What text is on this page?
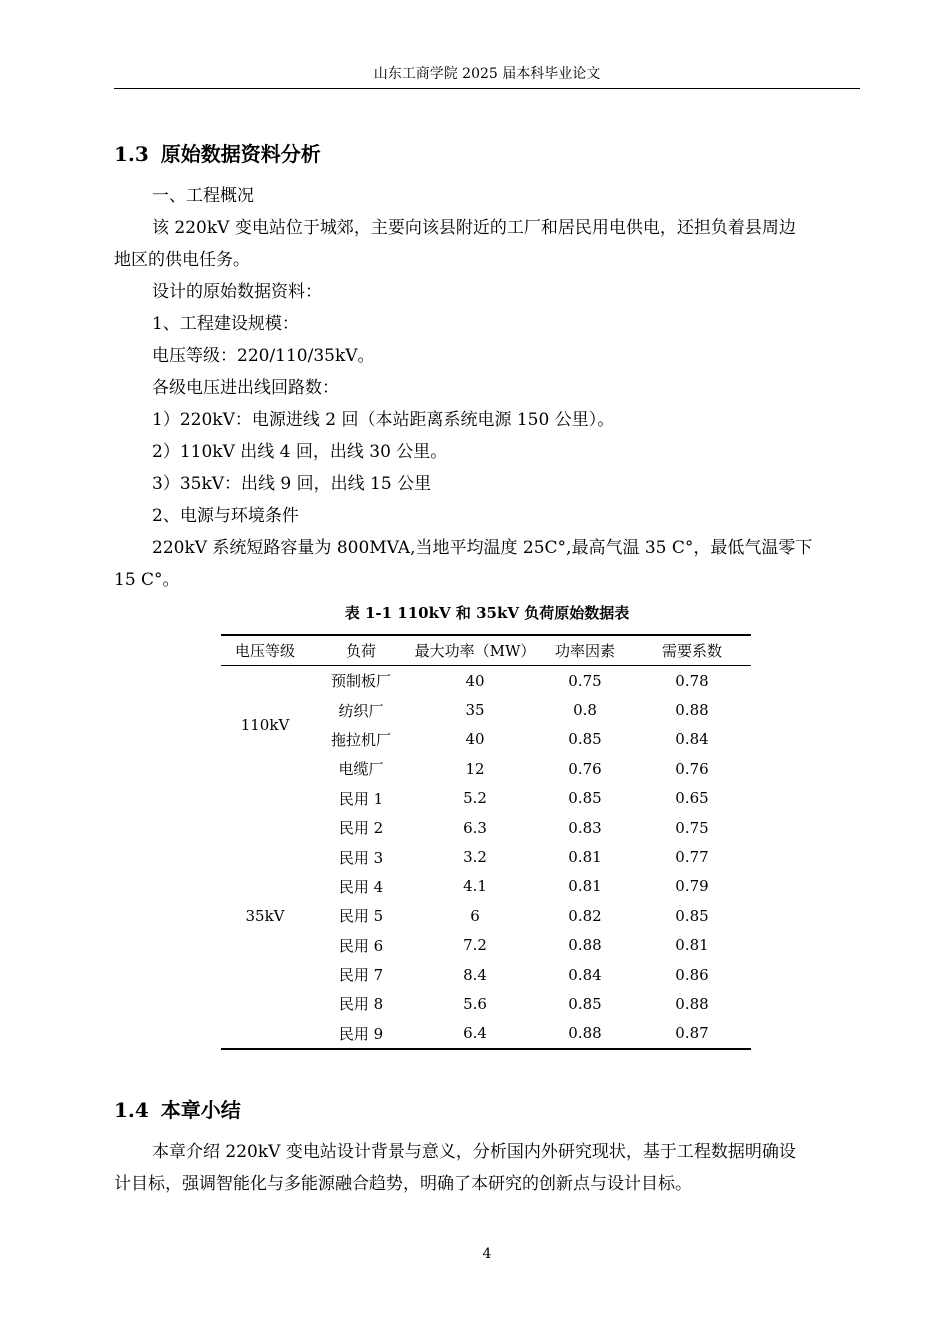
山东工商学院 2025 届本科毕业论文
1.3 原始数据资料分析
一、工程概况
该 220kV 变电站位于城郊，主要向该县附近的工厂和居民用电供电，还担负着县周边
地区的供电任务。
设计的原始数据资料：
1、工程建设规模：
电压等级：220/110/35kV。
各级电压进出线回路数：
1）220kV：电源进线 2 回（本站距离系统电源 150 公里）。
2）110kV 出线 4 回，出线 30 公里。
3）35kV：出线 9 回，出线 15 公里
2、电源与环境条件
220kV 系统短路容量为 800MVA,当地平均温度 25C°,最高气温 35 C°，最低气温零下
15 C°。
表 1-1 110kV 和 35kV 负荷原始数据表
电压等级	负荷	最大功率（MW）	功率因素	需要系数
110kV	预制板厂	40	0.75	0.78
	纺织厂	35	0.8	0.88
	拖拉机厂	40	0.85	0.84
	电缆厂	12	0.76	0.76
35kV	民用 1	5.2	0.85	0.65
	民用 2	6.3	0.83	0.75
	民用 3	3.2	0.81	0.77
	民用 4	4.1	0.81	0.79
	民用 5	6	0.82	0.85
	民用 6	7.2	0.88	0.81
	民用 7	8.4	0.84	0.86
	民用 8	5.6	0.85	0.88
	民用 9	6.4	0.88	0.87
1.4 本章小结
本章介绍 220kV 变电站设计背景与意义，分析国内外研究现状，基于工程数据明确设
计目标，强调智能化与多能源融合趋势，明确了本研究的创新点与设计目标。
4
